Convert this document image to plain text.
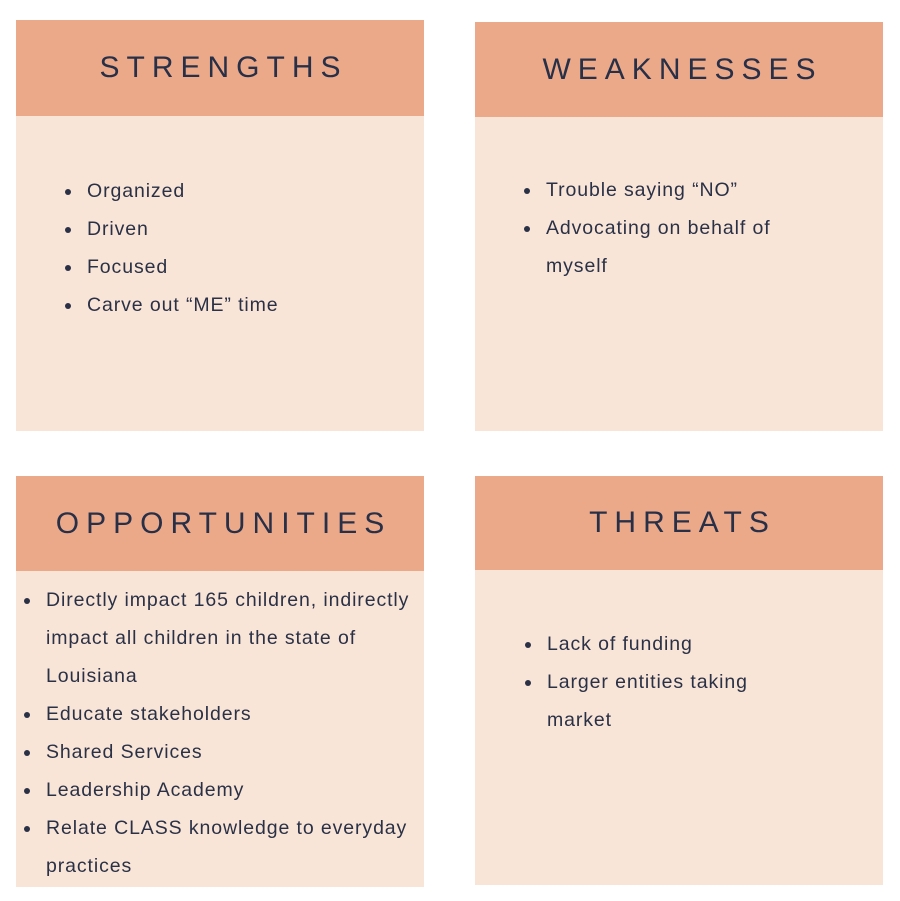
STRENGTHS
Organized
Driven
Focused
Carve out “ME” time
WEAKNESSES
Trouble saying “NO”
Advocating on behalf of myself
OPPORTUNITIES
Directly impact 165 children, indirectly impact all children in the state of Louisiana
Educate stakeholders
Shared Services
Leadership Academy
Relate CLASS knowledge to everyday practices
THREATS
Lack of funding
Larger entities taking market
